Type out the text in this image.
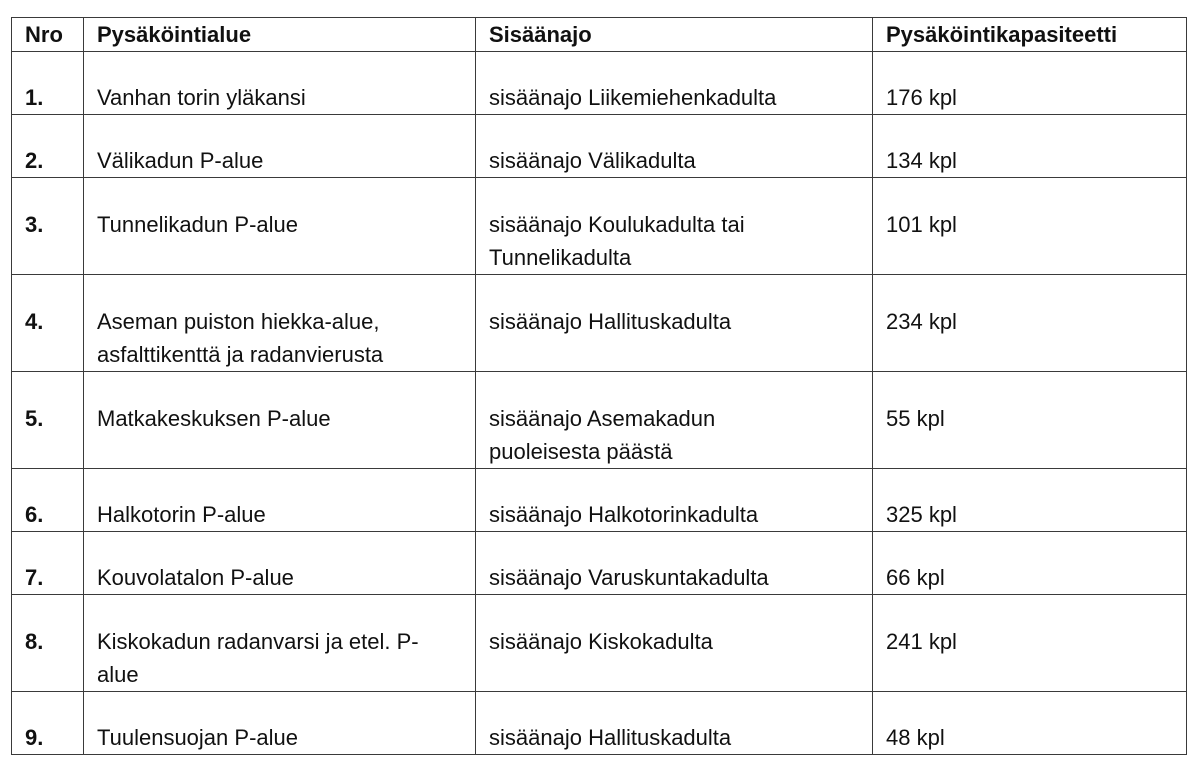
Nro	Pysäköintialue	Sisäänajo	Pysäköintikapasiteetti
1.	Vanhan torin yläkansi	sisäänajo Liikemiehenkadulta	176 kpl
2.	Välikadun P-alue	sisäänajo Välikadulta	134 kpl
3.	Tunnelikadun P-alue	sisäänajo Koulukadulta tai Tunnelikadulta	101 kpl
4.	Aseman puiston hiekka-alue, asfalttikenttä ja radanvierusta	sisäänajo Hallituskadulta	234 kpl
5.	Matkakeskuksen P-alue	sisäänajo Asemakadun puoleisesta päästä	55 kpl
6.	Halkotorin P-alue	sisäänajo Halkotorinkadulta	325 kpl
7.	Kouvolatalon P-alue	sisäänajo Varuskuntakadulta	66 kpl
8.	Kiskokadun radanvarsi ja etel. P-alue	sisäänajo Kiskokadulta	241 kpl
9.	Tuulensuojan P-alue	sisäänajo Hallituskadulta	48 kpl
